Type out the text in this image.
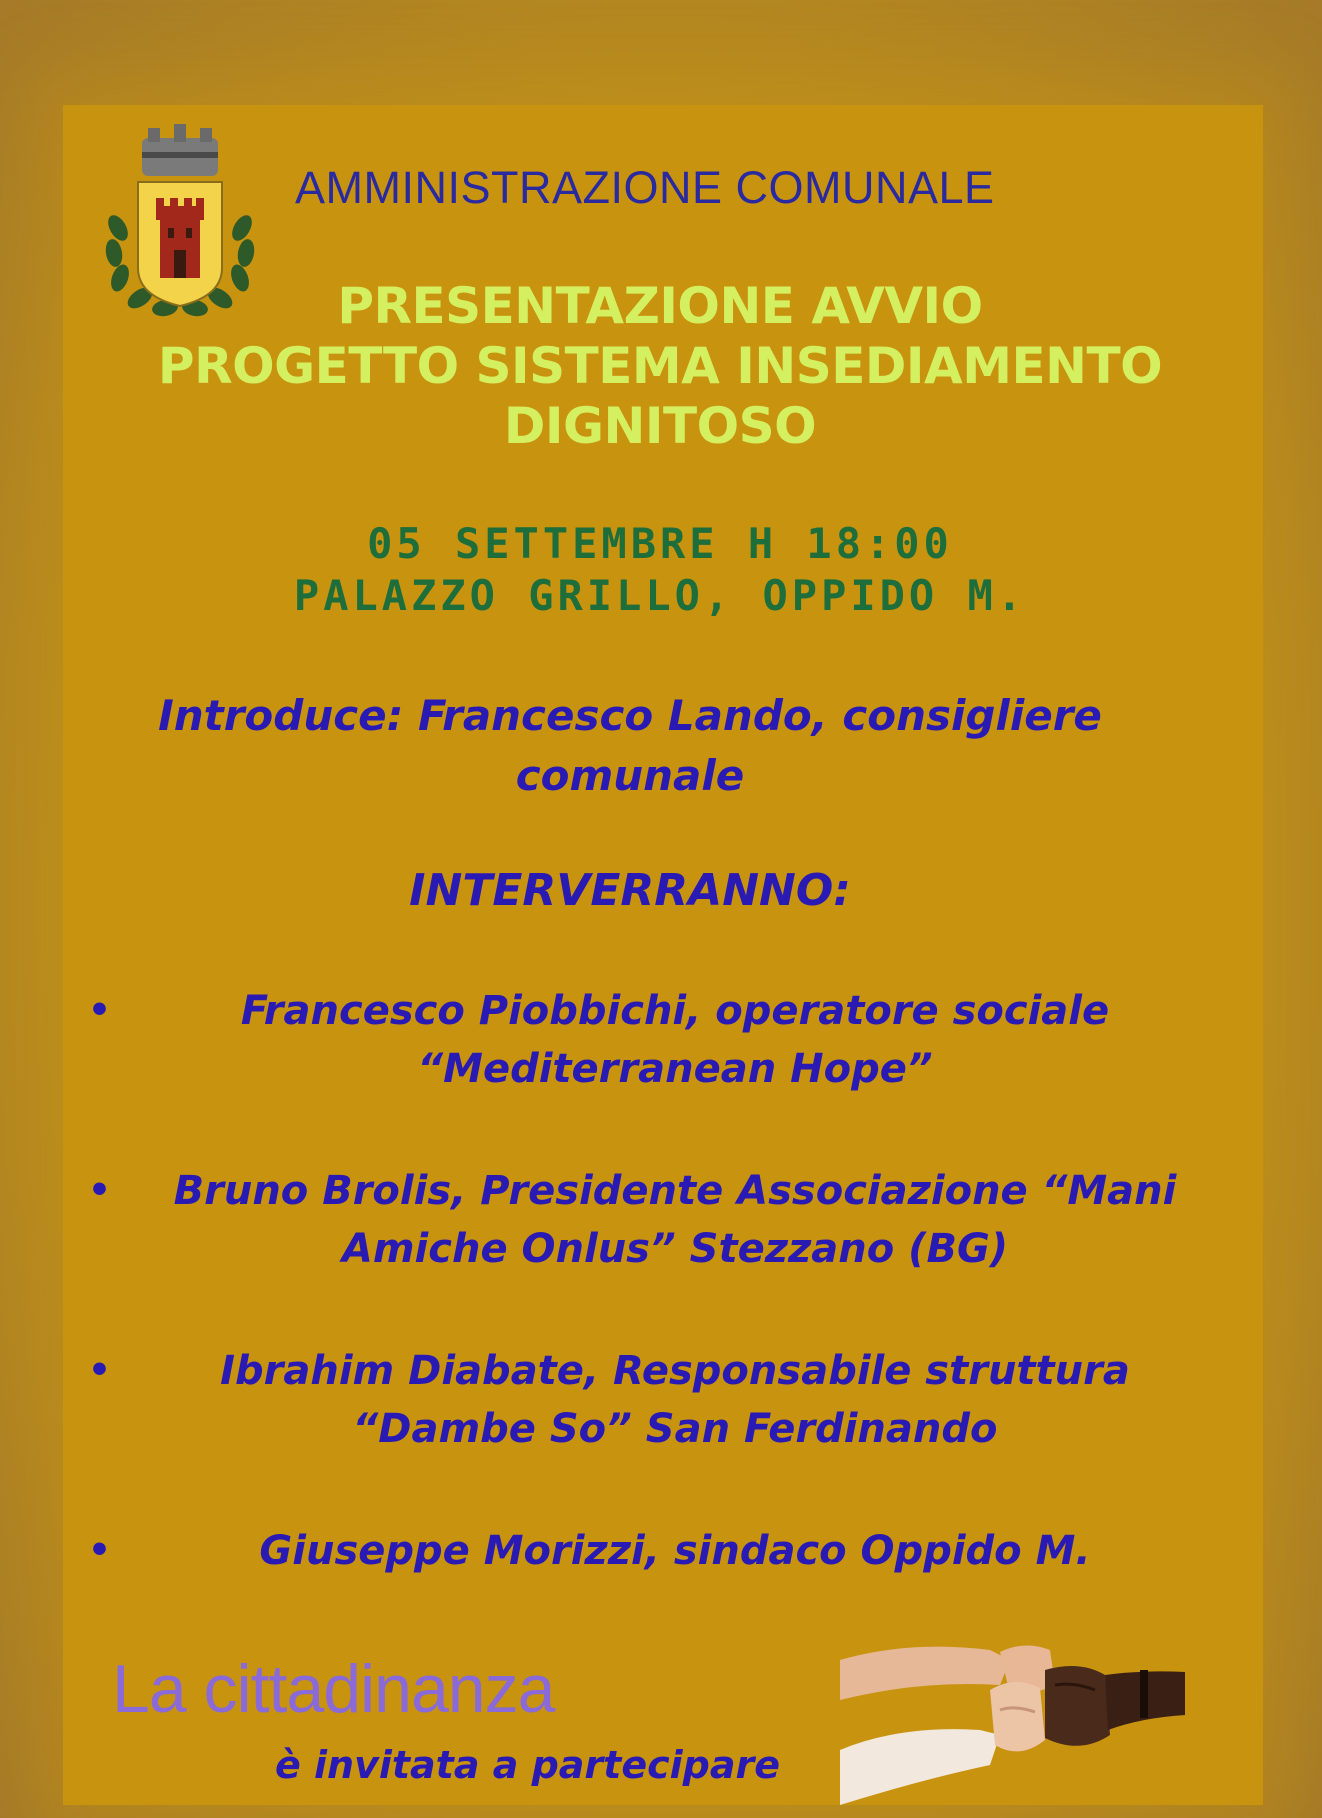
AMMINISTRAZIONE COMUNALE
PRESENTAZIONE AVVIO
PROGETTO SISTEMA INSEDIAMENTO
DIGNITOSO
05 SETTEMBRE H 18:00
PALAZZO GRILLO, OPPIDO M.
Introduce: Francesco Lando, consigliere
comunale
INTERVERRANNO:
•	Francesco Piobbichi, operatore sociale
“Mediterranean Hope”
•	Bruno Brolis, Presidente Associazione “Mani
Amiche Onlus” Stezzano (BG)
•	Ibrahim Diabate, Responsabile struttura
“Dambe So” San Ferdinando
•	Giuseppe Morizzi, sindaco Oppido M.
La cittadinanza
è invitata a partecipare
